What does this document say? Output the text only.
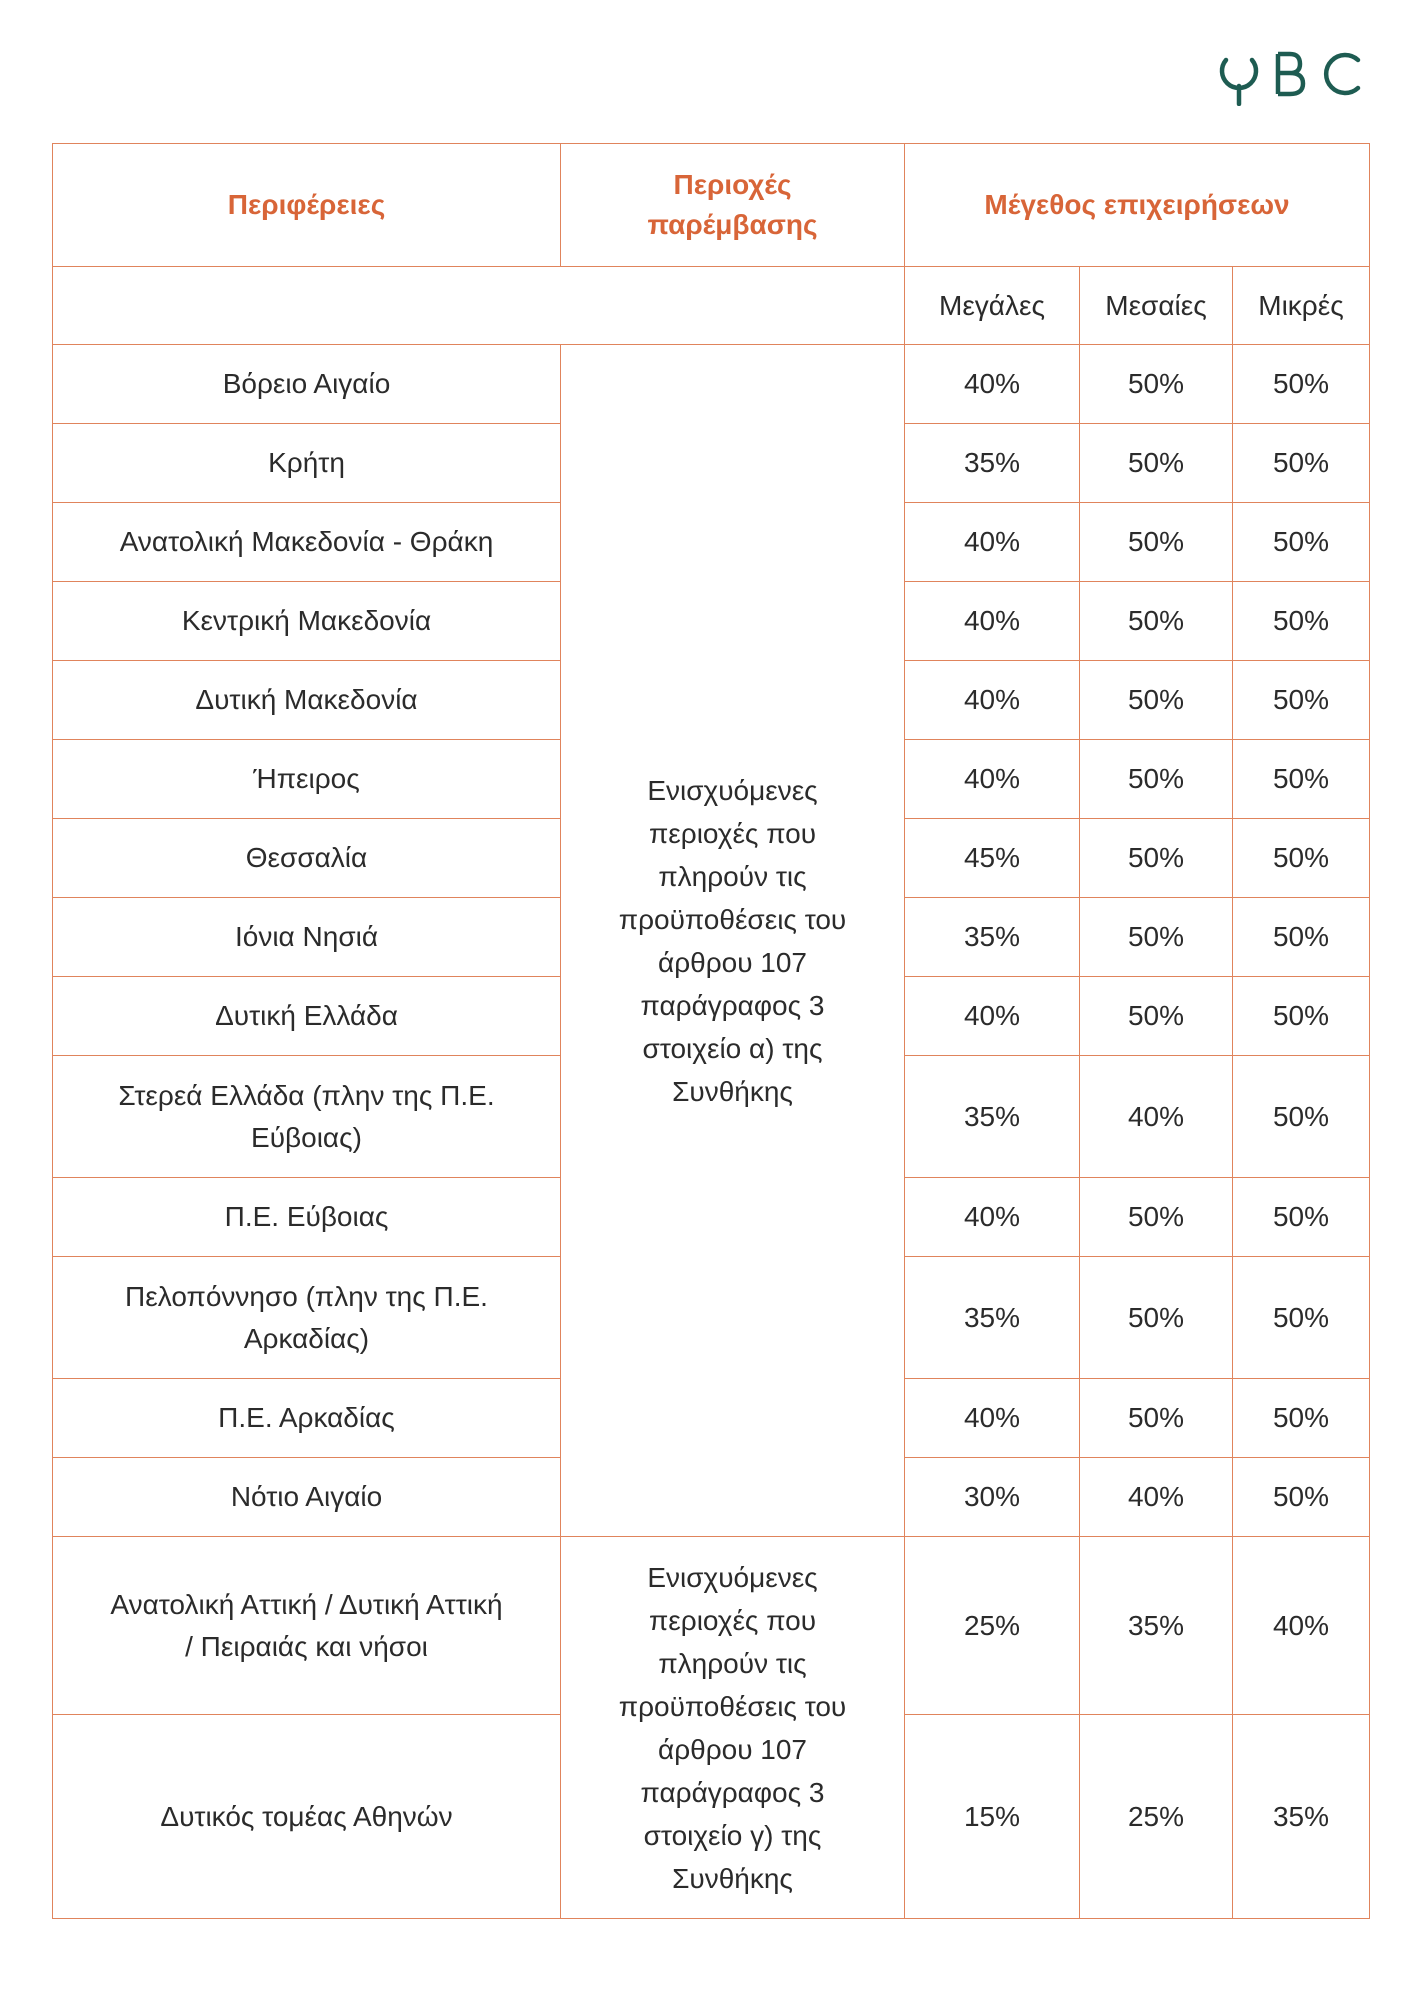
Περιφέρειες	Περιοχές παρέμβασης	Μέγεθος επιχειρήσεων		
		Μεγάλες	Μεσαίες	Μικρές
Βόρειο Αιγαίο	Ενισχυόμενες περιοχές που πληρούν τις προϋποθέσεις του άρθρου 107 παράγραφος 3 στοιχείο α) της Συνθήκης	40%	50%	50%
Κρήτη		35%	50%	50%
Ανατολική Μακεδονία - Θράκη		40%	50%	50%
Κεντρική Μακεδονία		40%	50%	50%
Δυτική Μακεδονία		40%	50%	50%
Ήπειρος		40%	50%	50%
Θεσσαλία		45%	50%	50%
Ιόνια Νησιά		35%	50%	50%
Δυτική Ελλάδα		40%	50%	50%
Στερεά Ελλάδα (πλην της Π.Ε. Εύβοιας)		35%	40%	50%
Π.Ε. Εύβοιας		40%	50%	50%
Πελοπόννησο (πλην της Π.Ε. Αρκαδίας)		35%	50%	50%
Π.Ε. Αρκαδίας		40%	50%	50%
Νότιο Αιγαίο		30%	40%	50%
Ανατολική Αττική / Δυτική Αττική / Πειραιάς και νήσοι	Ενισχυόμενες περιοχές που πληρούν τις προϋποθέσεις του άρθρου 107 παράγραφος 3 στοιχείο γ) της Συνθήκης	25%	35%	40%
Δυτικός τομέας Αθηνών		15%	25%	35%
